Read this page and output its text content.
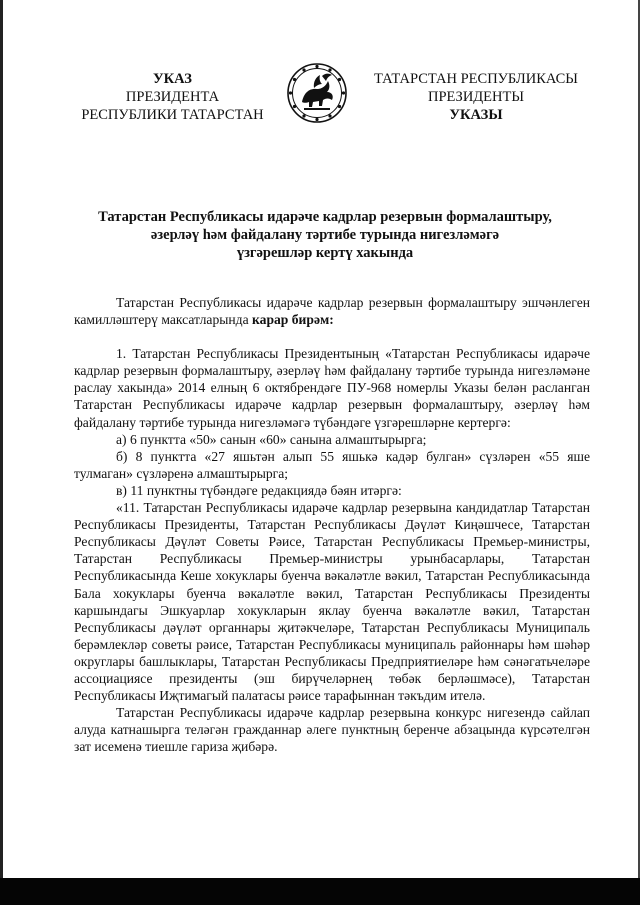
УКАЗ
ПРЕЗИДЕНТА
РЕСПУБЛИКИ ТАТАРСТАН
ТАТАРСТАН РЕСПУБЛИКАСЫ
ПРЕЗИДЕНТЫ
УКАЗЫ
Татарстан Республикасы идарәче кадрлар резервын формалаштыру,
әзерләү һәм файдалану тәртибе турында нигезләмәгә
үзгәрешләр кертү хакында

Татарстан Республикасы идарәче кадрлар резервын формалаштыру эшчәнлеген камилләштерү максатларында карар бирәм:

1. Татарстан Республикасы Президентының «Татарстан Республикасы идарәче кадрлар резервын формалаштыру, әзерләү һәм файдалану тәртибе турында нигезләмәне раслау хакында» 2014 елның 6 октябрендәге ПУ-968 номерлы Указы белән расланган Татарстан Республикасы идарәче кадрлар резервын формалаштыру, әзерләү һәм файдалану тәртибе турында нигезләмәгә түбәндәге үзгәрешләрне кертергә:

а) 6 пунктта «50» санын «60» санына алмаштырырга;

б) 8 пунктта «27 яшьтән алып 55 яшькә кадәр булган» сүзләрен «55 яше тулмаган» сүзләренә алмаштырырга;

в) 11 пунктны түбәндәге редакциядә бәян итәргә:

«11. Татарстан Республикасы идарәче кадрлар резервына кандидатлар Татарстан Республикасы Президенты, Татарстан Республикасы Дәүләт Киңәшчесе, Татарстан Республикасы Дәүләт Советы Рәисе, Татарстан Республикасы Премьер-министры, Татарстан Республикасы Премьер-министры урынбасарлары, Татарстан Республикасында Кеше хокуклары буенча вәкаләтле вәкил, Татарстан Республикасында Бала хокуклары буенча вәкаләтле вәкил, Татарстан Республикасы Президенты каршындагы Эшкуарлар хокукларын яклау буенча вәкаләтле вәкил, Татарстан Республикасы дәүләт органнары җитәкчеләре, Татарстан Республикасы Муниципаль берәмлекләр советы рәисе, Татарстан Республикасы муниципаль районнары һәм шәһәр округлары башлыклары, Татарстан Республикасы Предприятиеләре һәм сәнәгатьчеләре ассоциациясе президенты (эш бирүчеләрнең төбәк берләшмәсе), Татарстан Республикасы Иҗтимагый палатасы рәисе тарафыннан тәкъдим ителә.

Татарстан Республикасы идарәче кадрлар резервына конкурс нигезендә сайлап алуда катнашырга теләгән гражданнар әлеге пунктның беренче абзацында күрсәтелгән зат исеменә тиешле гариза җибәрә.
